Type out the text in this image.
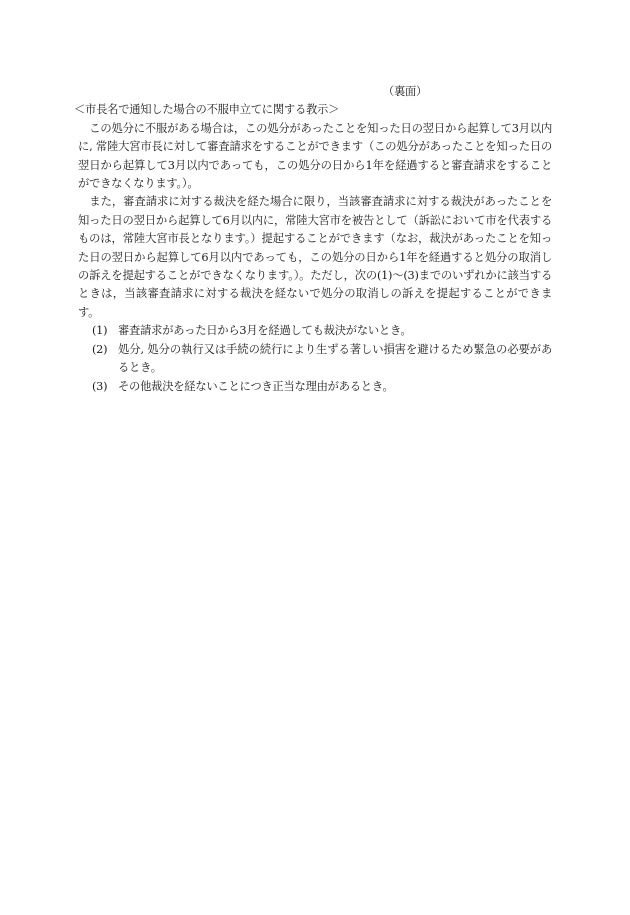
（裏面）
＜市長名で通知した場合の不服申立てに関する教示＞
この処分に不服がある場合は，この処分があったことを知った日の翌日から起算して3月以内に, 常陸大宮市長に対して審査請求をすることができます（この処分があったことを知った日の翌日から起算して3月以内であっても，この処分の日から1年を経過すると審査請求をすることができなくなります。）。
また，審査請求に対する裁決を経た場合に限り，当該審査請求に対する裁決があったことを知った日の翌日から起算して6月以内に，常陸大宮市を被告として（訴訟において市を代表するものは，常陸大宮市長となります。）提起することができます（なお，裁決があったことを知った日の翌日から起算して6月以内であっても，この処分の日から1年を経過すると処分の取消しの訴えを提起することができなくなります。）。ただし，次の(1)～(3)までのいずれかに該当するときは，当該審査請求に対する裁決を経ないで処分の取消しの訴えを提起することができます。
(1) 審査請求があった日から3月を経過しても裁決がないとき。
(2) 処分, 処分の執行又は手続の続行により生ずる著しい損害を避けるため緊急の必要があるとき。
(3) その他裁決を経ないことにつき正当な理由があるとき。
